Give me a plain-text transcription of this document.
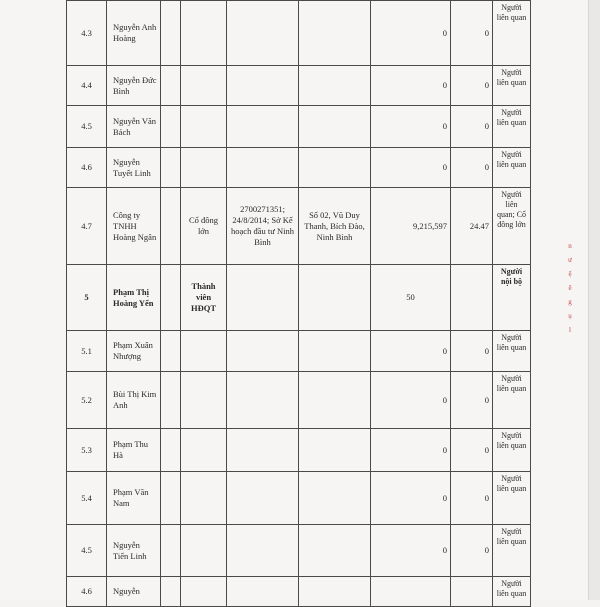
4.3	Nguyễn Anh Hoàng					0	0	Người liên quan
4.4	Nguyễn Đức Bình					0	0	Người liên quan
4.5	Nguyễn Văn Bách					0	0	Người liên quan
4.6	Nguyễn Tuyết Linh					0	0	Người liên quan
4.7	Công ty TNHH Hoàng Ngân		Cổ đông lớn	2700271351; 24/8/2014; Sở Kế hoạch đầu tư Ninh Bình	Số 02, Vũ Duy Thanh, Bích Đào, Ninh Bình	9,215,597	24.47	Người liên quan; Cổ đông lớn
5	Phạm Thị Hoàng Yến		Thành viên HĐQT			50		Người nội bộ
5.1	Phạm Xuân Nhượng					0	0	Người liên quan
5.2	Bùi Thị Kim Anh					0	0	Người liên quan
5.3	Phạm Thu Hà					0	0	Người liên quan
5.4	Phạm Văn Nam					0	0	Người liên quan
4.5	Nguyễn Tiến Linh					0	0	Người liên quan
4.6	Nguyễn							Người liên quan
n
ư
ệ
ẽ
g
ụ
l
